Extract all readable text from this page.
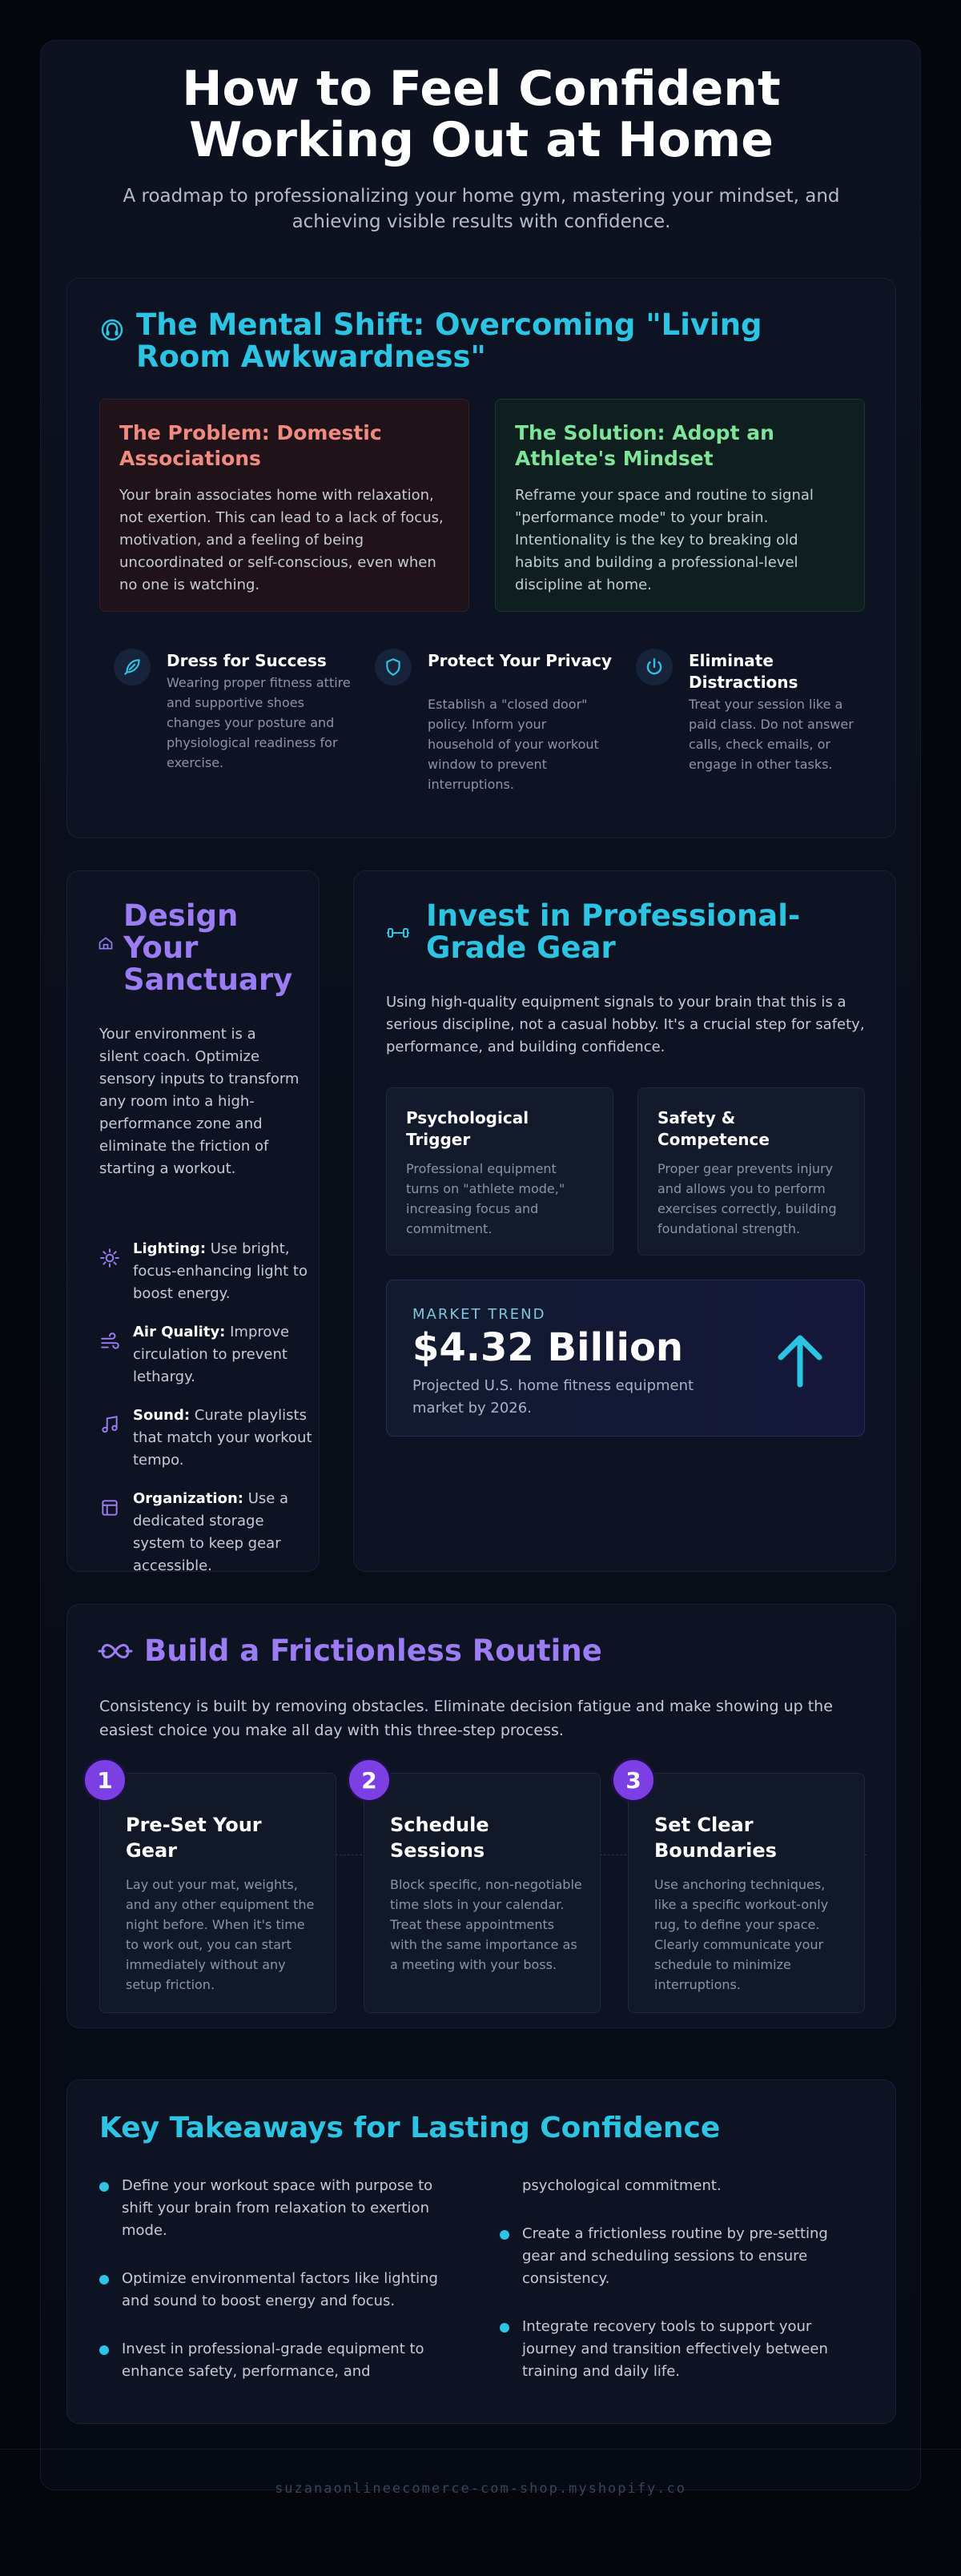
How to Feel Confident Working Out at Home

A roadmap to professionalizing your home gym, mastering your mindset, and achieving visible results with confidence.

The Mental Shift: Overcoming "Living Room Awkwardness"
The Problem: Domestic Associations

Your brain associates home with relaxation, not exertion. This can lead to a lack of focus, motivation, and a feeling of being uncoordinated or self-conscious, even when no one is watching.

The Solution: Adopt an Athlete's Mindset

Reframe your space and routine to signal "performance mode" to your brain. Intentionality is the key to breaking old habits and building a professional-level discipline at home.

Dress for Success

Wearing proper fitness attire and supportive shoes changes your posture and physiological readiness for exercise.

Protect Your Privacy

Establish a "closed door" policy. Inform your household of your workout window to prevent interruptions.

Eliminate Distractions

Treat your session like a paid class. Do not answer calls, check emails, or engage in other tasks.

Design Your Sanctuary

Your environment is a silent coach. Optimize sensory inputs to transform any room into a high-performance zone and eliminate the friction of starting a workout.

Lighting: Use bright, focus-enhancing light to boost energy.

Air Quality: Improve circulation to prevent lethargy.

Sound: Curate playlists that match your workout tempo.

Organization: Use a dedicated storage system to keep gear accessible.

Invest in Professional-Grade Gear

Using high-quality equipment signals to your brain that this is a serious discipline, not a casual hobby. It's a crucial step for safety, performance, and building confidence.

Psychological Trigger

Professional equipment turns on "athlete mode," increasing focus and commitment.

Safety & Competence

Proper gear prevents injury and allows you to perform exercises correctly, building foundational strength.

MARKET TREND
$4.32 Billion
Projected U.S. home fitness equipment market by 2026.
Build a Frictionless Routine

Consistency is built by removing obstacles. Eliminate decision fatigue and make showing up the easiest choice you make all day with this three-step process.

1
Pre-Set Your Gear

Lay out your mat, weights, and any other equipment the night before. When it's time to work out, you can start immediately without any setup friction.

2
Schedule Sessions

Block specific, non-negotiable time slots in your calendar. Treat these appointments with the same importance as a meeting with your boss.

3
Set Clear Boundaries

Use anchoring techniques, like a specific workout-only rug, to define your space. Clearly communicate your schedule to minimize interruptions.

Key Takeaways for Lasting Confidence
Define your workout space with purpose to shift your brain from relaxation to exertion mode.
Optimize environmental factors like lighting and sound to boost energy and focus.
Invest in professional-grade equipment to enhance safety, performance, and
psychological commitment.
Create a frictionless routine by pre-setting gear and scheduling sessions to ensure consistency.
Integrate recovery tools to support your journey and transition effectively between training and daily life.
suzanaonlineecomerce-com-shop.myshopify.co
